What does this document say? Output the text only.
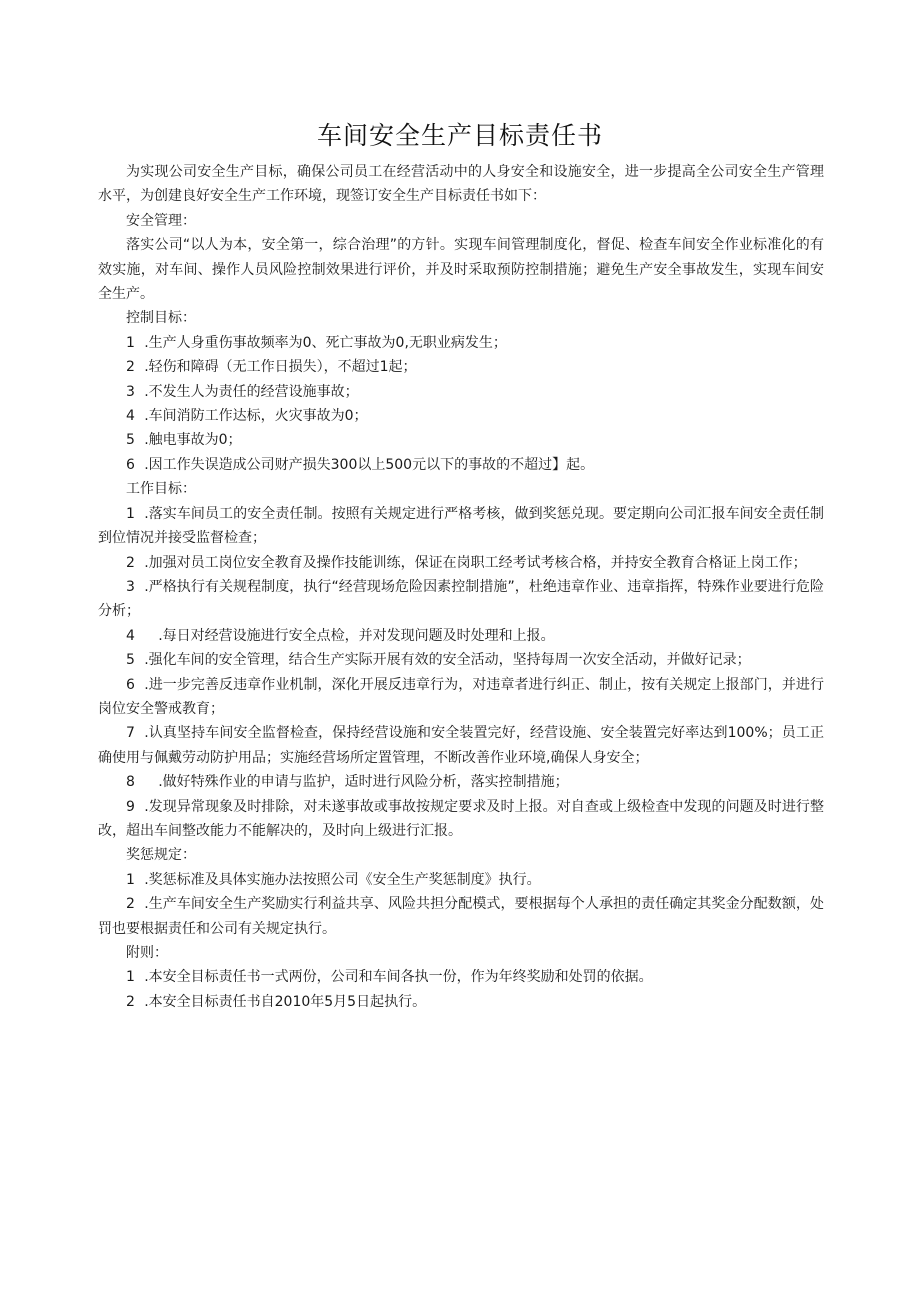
车间安全生产目标责任书

为实现公司安全生产目标，确保公司员工在经营活动中的人身安全和设施安全，进一步提高全公司安全生产管理水平，为创建良好安全生产工作环境，现签订安全生产目标责任书如下：

安全管理：

落实公司“以人为本，安全第一，综合治理”的方针。实现车间管理制度化，督促、检查车间安全作业标准化的有效实施，对车间、操作人员风险控制效果进行评价，并及时采取预防控制措施；避免生产安全事故发生，实现车间安全生产。

控制目标：

1 .生产人身重伤事故频率为0、死亡事故为0,无职业病发生；

2 .轻伤和障碍（无工作日损失），不超过1起；

3 .不发生人为责任的经营设施事故；

4 .车间消防工作达标，火灾事故为0；

5 .触电事故为0；

6 .因工作失误造成公司财产损失300以上500元以下的事故的不超过】起。

工作目标：

1 .落实车间员工的安全责任制。按照有关规定进行严格考核，做到奖惩兑现。要定期向公司汇报车间安全责任制到位情况并接受监督检查；

2 .加强对员工岗位安全教育及操作技能训练，保证在岗职工经考试考核合格，并持安全教育合格证上岗工作；

3 .严格执行有关规程制度，执行“经营现场危险因素控制措施”，杜绝违章作业、违章指挥，特殊作业要进行危险分析；

4 .每日对经营设施进行安全点检，并对发现问题及时处理和上报。

5 .强化车间的安全管理，结合生产实际开展有效的安全活动，坚持每周一次安全活动，并做好记录；

6 .进一步完善反违章作业机制，深化开展反违章行为，对违章者进行纠正、制止，按有关规定上报部门，并进行岗位安全警戒教育；

7 .认真坚持车间安全监督检查，保持经营设施和安全装置完好，经营设施、安全装置完好率达到100%；员工正确使用与佩戴劳动防护用品；实施经营场所定置管理，不断改善作业环境,确保人身安全；

8 .做好特殊作业的申请与监护，适时进行风险分析，落实控制措施；

9 .发现异常现象及时排除，对未遂事故或事故按规定要求及时上报。对自查或上级检查中发现的问题及时进行整改，超出车间整改能力不能解决的，及时向上级进行汇报。

奖惩规定：

1 .奖惩标准及具体实施办法按照公司《安全生产奖惩制度》执行。

2 .生产车间安全生产奖励实行利益共享、风险共担分配模式，要根据每个人承担的责任确定其奖金分配数额，处罚也要根据责任和公司有关规定执行。

附则：

1 .本安全目标责任书一式两份，公司和车间各执一份，作为年终奖励和处罚的依据。

2 .本安全目标责任书自2010年5月5日起执行。
